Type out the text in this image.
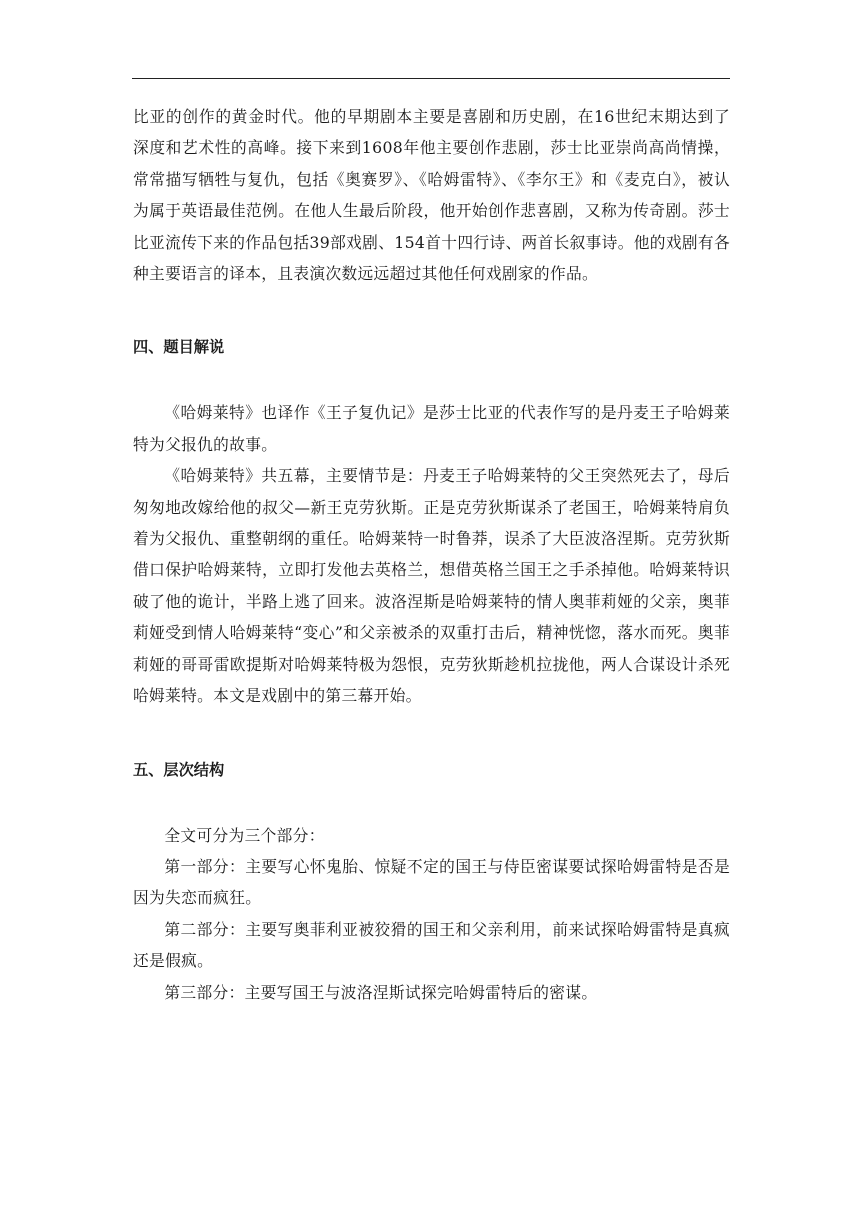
比亚的创作的黄金时代。他的早期剧本主要是喜剧和历史剧，在16世纪末期达到了深度和艺术性的高峰。接下来到1608年他主要创作悲剧，莎士比亚崇尚高尚情操，常常描写牺牲与复仇，包括《奥赛罗》、《哈姆雷特》、《李尔王》和《麦克白》，被认为属于英语最佳范例。在他人生最后阶段，他开始创作悲喜剧，又称为传奇剧。莎士比亚流传下来的作品包括39部戏剧、154首十四行诗、两首长叙事诗。他的戏剧有各种主要语言的译本，且表演次数远远超过其他任何戏剧家的作品。

四、题目解说

《哈姆莱特》也译作《王子复仇记》是莎士比亚的代表作写的是丹麦王子哈姆莱特为父报仇的故事。

《哈姆莱特》共五幕，主要情节是：丹麦王子哈姆莱特的父王突然死去了，母后匆匆地改嫁给他的叔父—新王克劳狄斯。正是克劳狄斯谋杀了老国王，哈姆莱特肩负着为父报仇、重整朝纲的重任。哈姆莱特一时鲁莽，误杀了大臣波洛涅斯。克劳狄斯借口保护哈姆莱特，立即打发他去英格兰，想借英格兰国王之手杀掉他。哈姆莱特识破了他的诡计，半路上逃了回来。波洛涅斯是哈姆莱特的情人奥菲莉娅的父亲，奥菲莉娅受到情人哈姆莱特“变心”和父亲被杀的双重打击后，精神恍惚，落水而死。奥菲莉娅的哥哥雷欧提斯对哈姆莱特极为怨恨，克劳狄斯趁机拉拢他，两人合谋设计杀死哈姆莱特。本文是戏剧中的第三幕开始。

五、层次结构

全文可分为三个部分：

第一部分：主要写心怀鬼胎、惊疑不定的国王与侍臣密谋要试探哈姆雷特是否是因为失恋而疯狂。

第二部分：主要写奥菲利亚被狡猾的国王和父亲利用，前来试探哈姆雷特是真疯还是假疯。

第三部分：主要写国王与波洛涅斯试探完哈姆雷特后的密谋。
